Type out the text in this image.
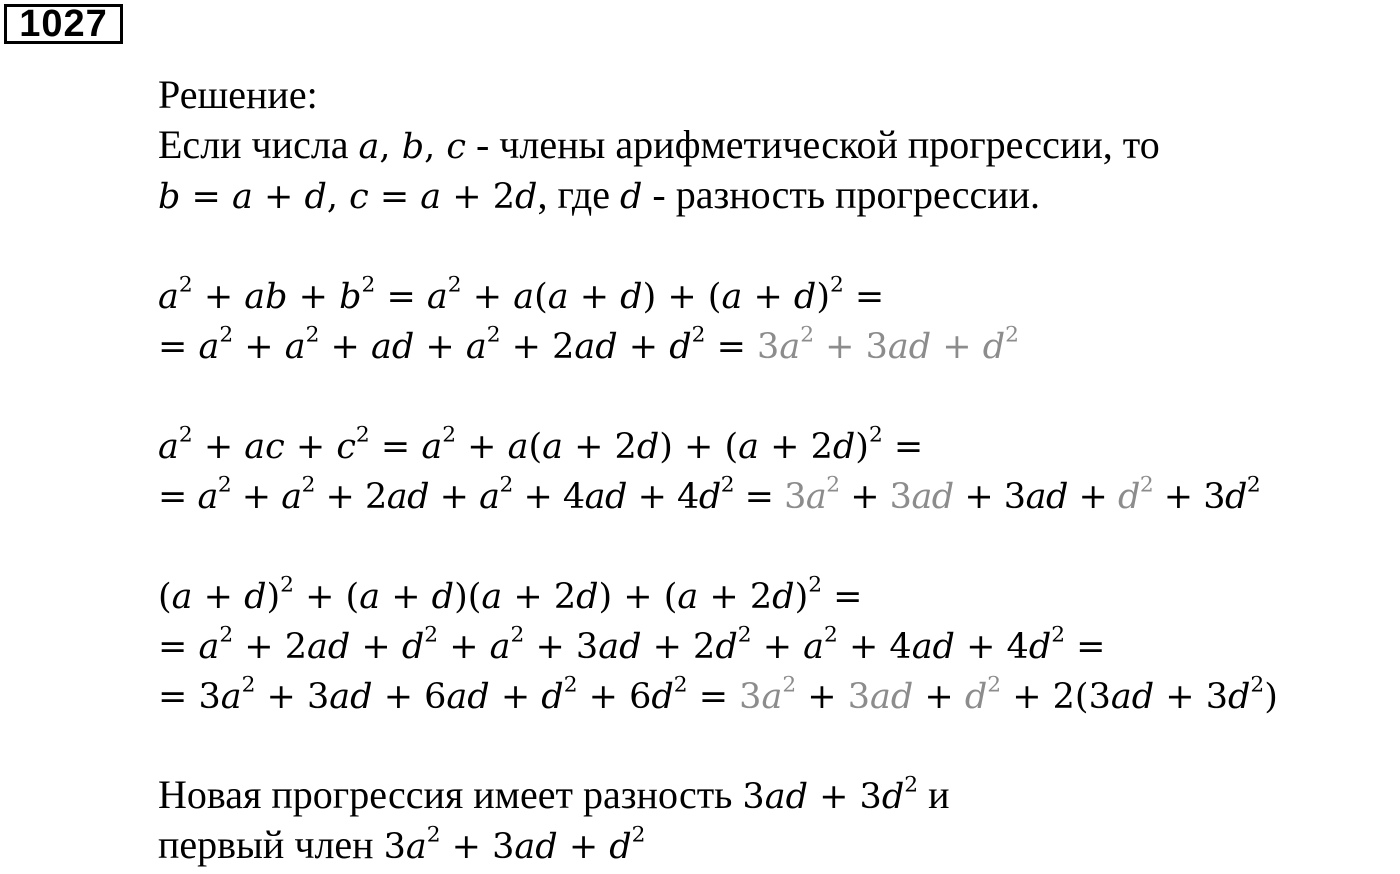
1027
Решение:
Если числа a, b, c - члены арифметической прогрессии, то
b = a + d, c = a + 2d, где d - разность прогрессии.
$a^2$ + ab + $b^2 = a^2 + a(a + d) + (a + d)^2$ =
= $a^2 + a^2$ + ad + $a^2 + 2ad + d^2 = 3a^2 + 3ad + d^2$
$a^2$ + ac + $c^2 = a^2 + a(a + 2d) + (a + 2d)^2$ =
= $a^2 + a^2 + 2ad + a^2 + 4ad + 4d^2 = 3a^2 + 3ad + 3ad + d^2 + 3d^2$
$(a + d)^2 + (a + d)(a + 2d) + (a + 2d)^2$ =
= $a^2 + 2ad + d^2 + a^2 + 3ad + 2d^2 + a^2 + 4ad + 4d^2$ =
= $3a^2 + 3ad + 6ad + d^2 + 6d^2 = 3a^2 + 3ad + d^2 + 2(3ad + 3d^2)$
Новая прогрессия имеет разность $3ad + 3d^2$ и
первый член $3a^2 + 3ad + d^2$
